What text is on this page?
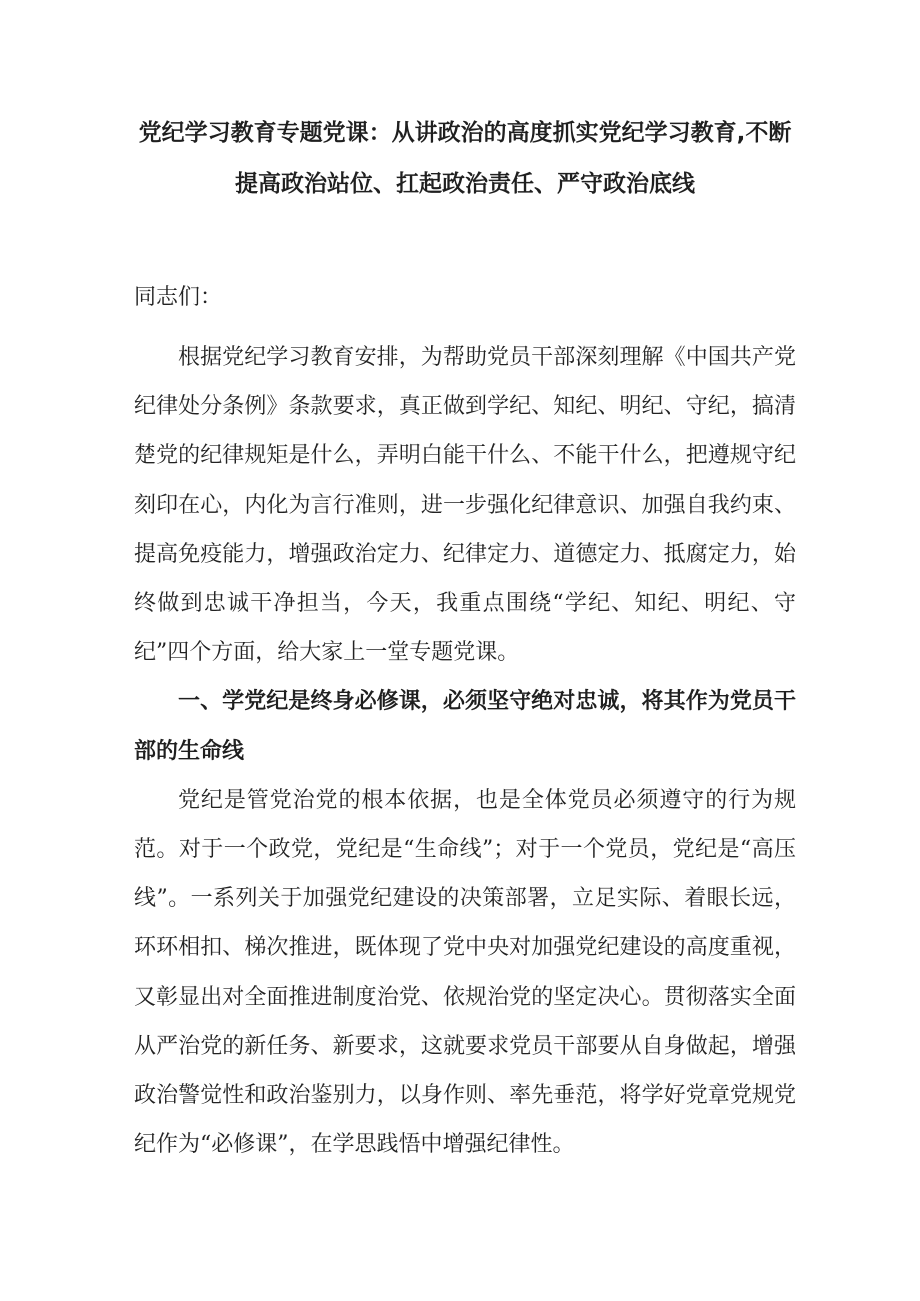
党纪学习教育专题党课：从讲政治的高度抓实党纪学习教育,不断提高政治站位、扛起政治责任、严守政治底线

同志们：

根据党纪学习教育安排，为帮助党员干部深刻理解《中国共产党纪律处分条例》条款要求，真正做到学纪、知纪、明纪、守纪，搞清楚党的纪律规矩是什么，弄明白能干什么、不能干什么，把遵规守纪刻印在心，内化为言行准则，进一步强化纪律意识、加强自我约束、提高免疫能力，增强政治定力、纪律定力、道德定力、抵腐定力，始终做到忠诚干净担当，今天，我重点围绕“学纪、知纪、明纪、守纪”四个方面，给大家上一堂专题党课。

一、学党纪是终身必修课，必须坚守绝对忠诚，将其作为党员干部的生命线

党纪是管党治党的根本依据，也是全体党员必须遵守的行为规范。对于一个政党，党纪是“生命线”；对于一个党员，党纪是“高压线”。一系列关于加强党纪建设的决策部署，立足实际、着眼长远，环环相扣、梯次推进，既体现了党中央对加强党纪建设的高度重视，又彰显出对全面推进制度治党、依规治党的坚定决心。贯彻落实全面从严治党的新任务、新要求，这就要求党员干部要从自身做起，增强政治警觉性和政治鉴别力，以身作则、率先垂范，将学好党章党规党纪作为“必修课”，在学思践悟中增强纪律性。
